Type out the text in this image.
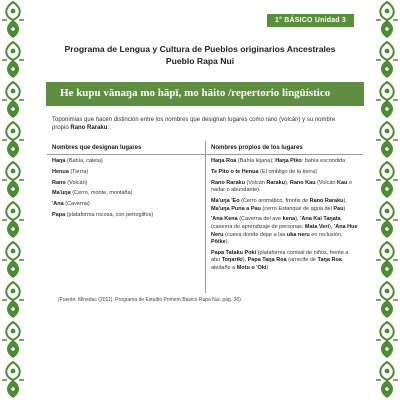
1° BÁSICO Unidad 3
Programa de Lengua y Cultura de Pueblos originarios Ancestrales
Pueblo Rapa Nui
He kupu vānaŋa mo hāpī, mo hāito /repertorio lingüístico

Toponimias que hacen distinción entre los nombres que designan lugares como rano (volcán) y su nombre propio Rano Raraku:

Nombres que designan lugares
Haŋa (Bahía, caleta)
Henua (Tierra)
Rano (Volcán)
Ma'uŋa (Cerro, monte, montaña)
'Ana (Caverna)
Papa (plataforma rocosa, con petroglifos)
Nombres propios de los lugares
Haŋa Roa (Bahía lejana); Haŋa Piko: bahía escondida
Te Pito o te Henua (El ombligo de la tierra)
Rano Raraku (Volcán Raraku), Rano Kau (Volcán Kau o nadar o abundante).
Ma'uŋa 'Eo (Cerro aromático, frontis de Rano Raraku), Ma'uŋa Puna a Pau (cerro Estanque de agua del Pau)
'Ana Kena (Caverna del ave kena), 'Ana Kai Taŋata (caverna de aprendizaje de personas, Mata Veri), 'Ana Hue Neru (cueva donde dejar a las uka neru en reclusión, Pōike).
Papa Tataku Poki (plataforma comsal de niños, frente a ahu Toŋariki), Papa Taŋa Roa (arrecife de Taŋa Roa, aledaño a Motu o 'Oki)
(Fuente: Mineduc (2011). Programa de Estudio Primero Básico Rapa Nui, pág. 36).
